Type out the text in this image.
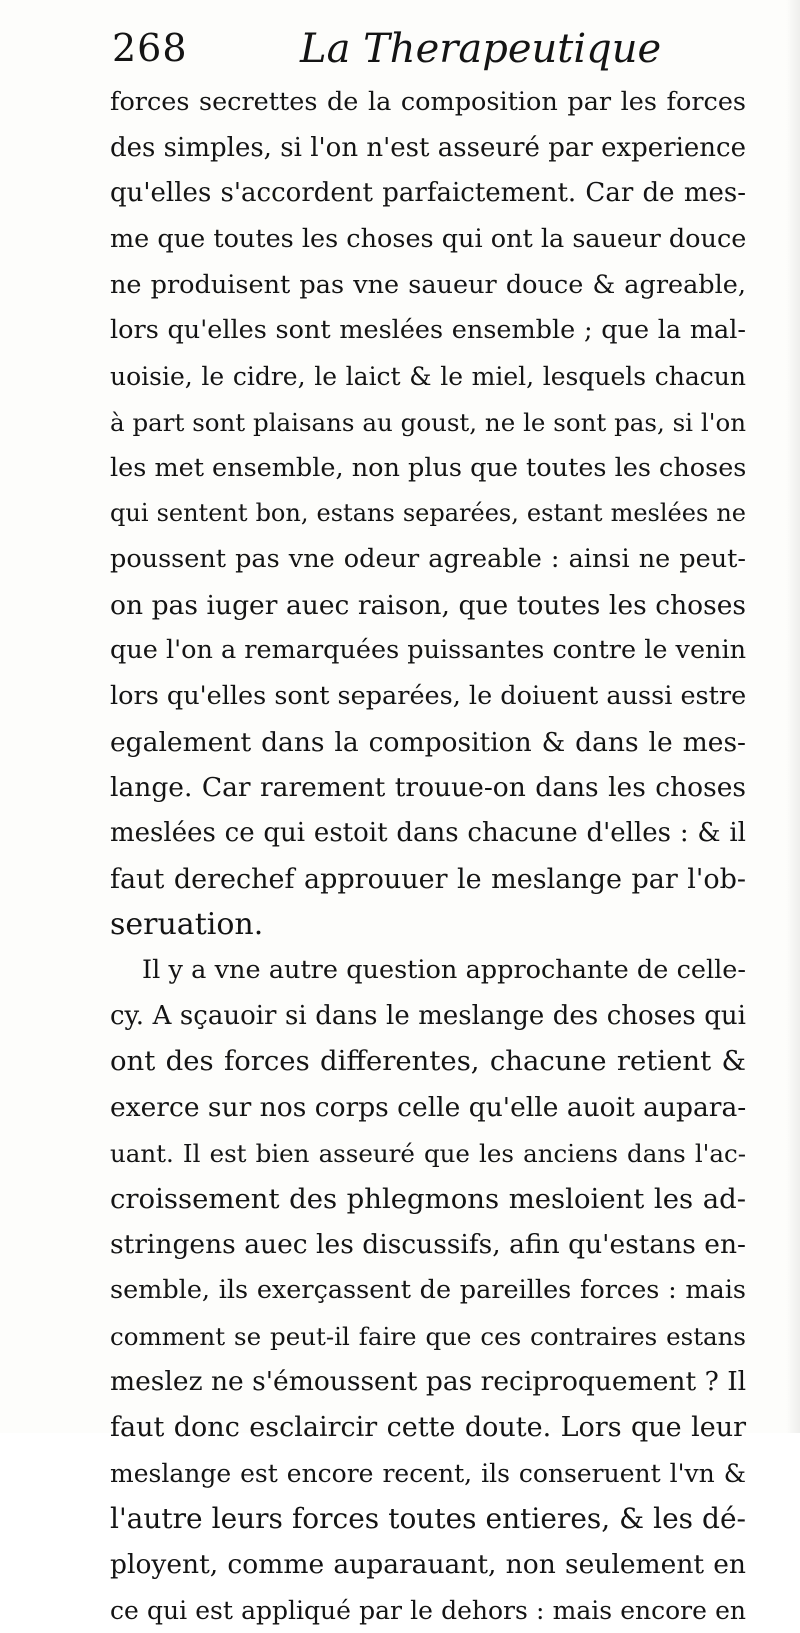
268	La Therapeutique
forces secrettes de la composition par les forces
des simples, si l'on n'est asseuré par experience
qu'elles s'accordent parfaictement. Car de mes-
me que toutes les choses qui ont la saueur douce
ne produisent pas vne saueur douce & agreable,
lors qu'elles sont meslées ensemble ; que la mal-
uoisie, le cidre, le laict & le miel, lesquels chacun
à part sont plaisans au goust, ne le sont pas, si l'on
les met ensemble, non plus que toutes les choses
qui sentent bon, estans separées, estant meslées ne
poussent pas vne odeur agreable : ainsi ne peut-
on pas iuger auec raison, que toutes les choses
que l'on a remarquées puissantes contre le venin
lors qu'elles sont separées, le doiuent aussi estre
egalement dans la composition & dans le mes-
lange. Car rarement trouue-on dans les choses
meslées ce qui estoit dans chacune d'elles : & il
faut derechef approuuer le meslange par l'ob-
seruation.
Il y a vne autre question approchante de celle-
cy. A sçauoir si dans le meslange des choses qui
ont des forces differentes, chacune retient &
exerce sur nos corps celle qu'elle auoit aupara-
uant. Il est bien asseuré que les anciens dans l'ac-
croissement des phlegmons mesloient les ad-
stringens auec les discussifs, afin qu'estans en-
semble, ils exerçassent de pareilles forces : mais
comment se peut-il faire que ces contraires estans
meslez ne s'émoussent pas reciproquement ? Il
faut donc esclaircir cette doute. Lors que leur
meslange est encore recent, ils conseruent l'vn &
l'autre leurs forces toutes entieres, & les dé-
ployent, comme auparauant, non seulement en
ce qui est appliqué par le dehors : mais encore en
